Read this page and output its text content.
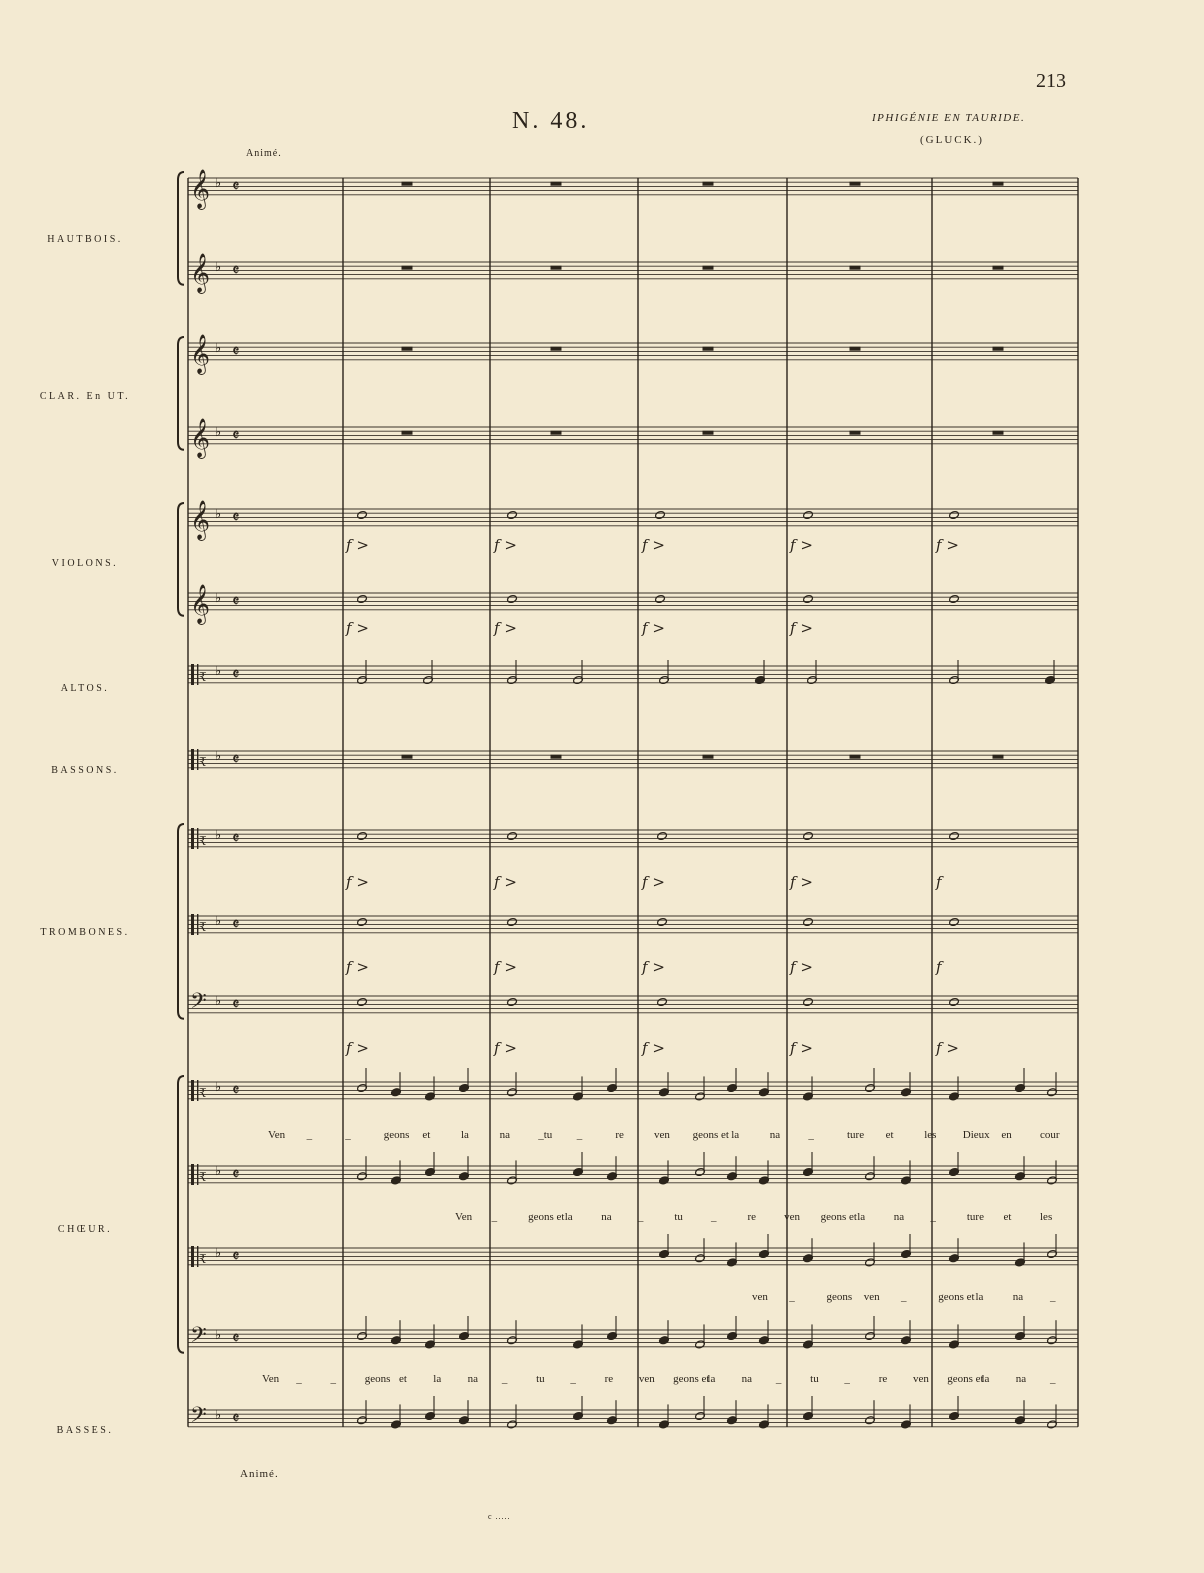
213
N. 48.	IPHIGÉNIE EN TAURIDE.
(GLUCK.)
Animé.
Animé.
c .....
HAUTBOIS.
CLAR. En UT.
VIOLONS.
ALTOS.
BASSONS.
TROMBONES.
CHŒUR.
BASSES.
𝄞 ♭ 𝄵
𝄞 ♭ 𝄵
𝄞 ♭ 𝄵
𝄞 ♭ 𝄵
𝄞 ♭ 𝄵
𝄞 ♭ 𝄵
₹ ♭ 𝄵
₹ ♭ 𝄵
₹ ♭ 𝄵
₹ ♭ 𝄵
𝄢 ♭ 𝄵
₹ ♭ 𝄵
₹ ♭ 𝄵
₹ ♭ 𝄵
𝄢 ♭ 𝄵
𝄢 ♭ 𝄵
f >	f >	f >	f >	f >
f >	f >	f >	f >
f >	f >	f >	f >
f >	f >	f >	f >
f >	f >	f >	f >	f >
f
f
Ven _	_	geons et	la	na	_tu _	re	ven geons et la	na	_	ture et	les Dieux en	cour
Ven _	geons et la	na _	tu	_	re	ven geons et la	na _	ture et	les
ven _	geons ven _	geons et la	na _
Ven _	_	geons et la na _	tu _	re ven geons et
la na _	tu _	re ven geons et
la na _
